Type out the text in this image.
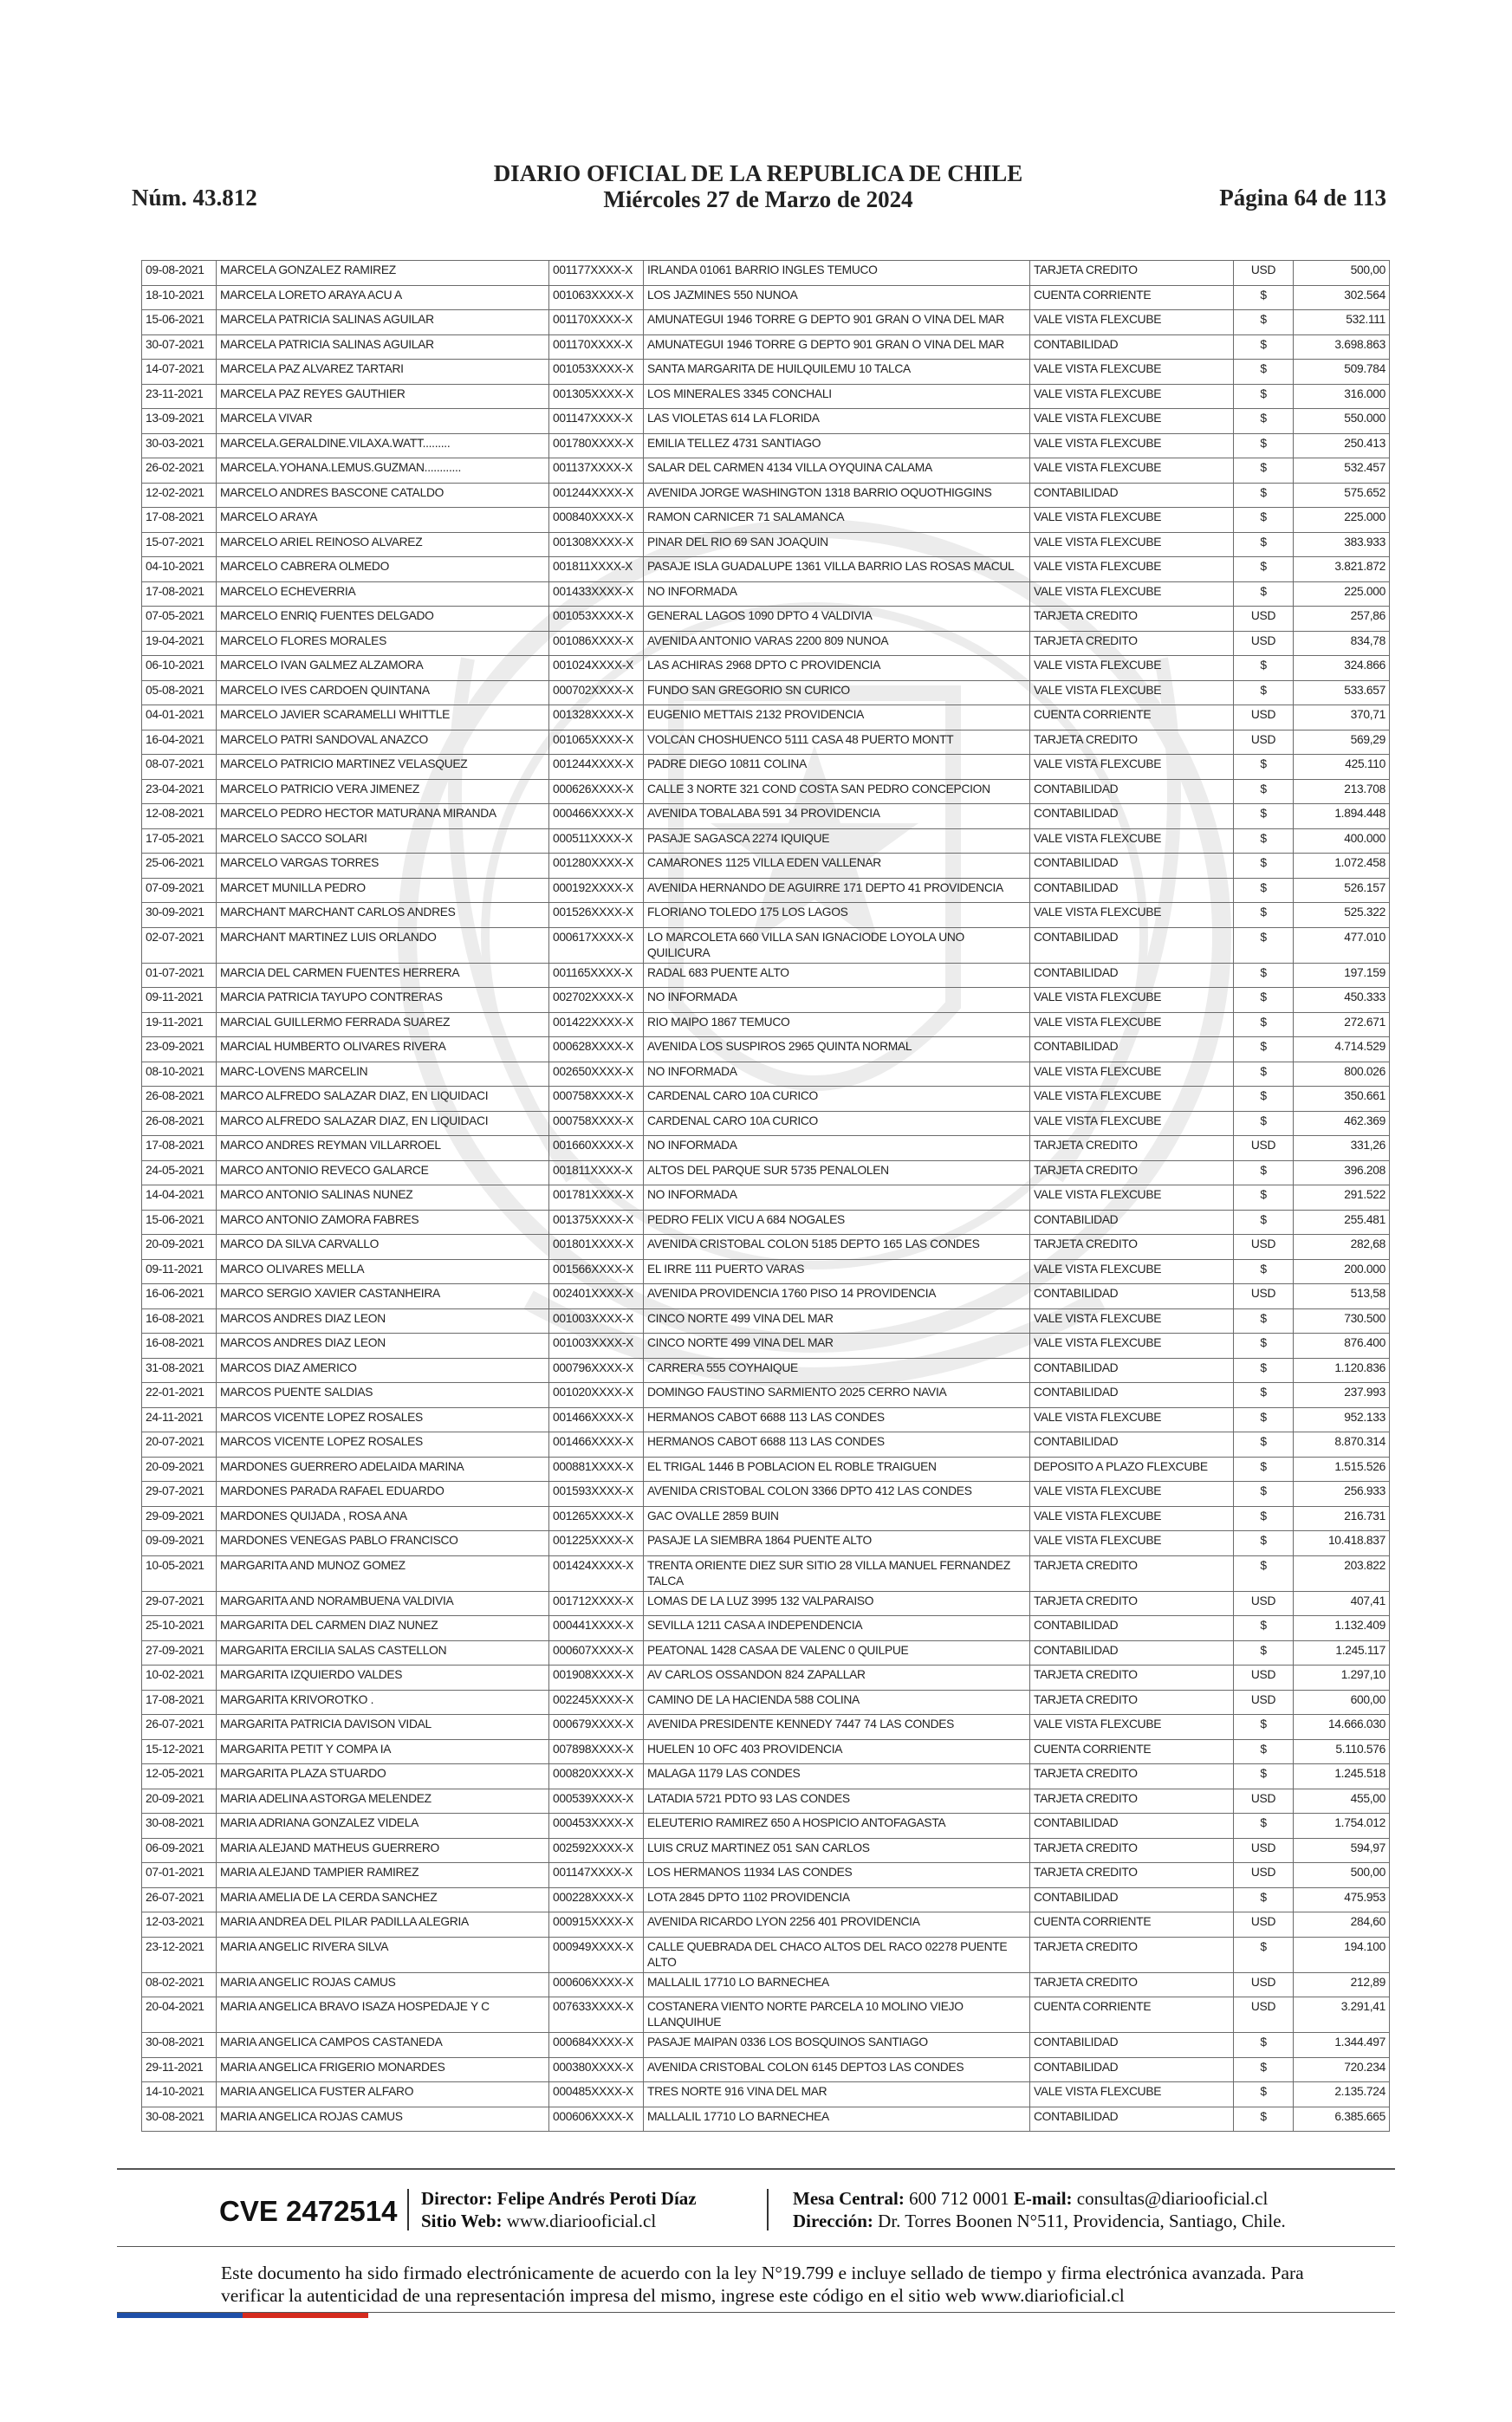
Núm. 43.812
DIARIO OFICIAL DE LA REPUBLICA DE CHILE
Miércoles 27 de Marzo de 2024	Página 64 de 113
09-08-2021	MARCELA GONZALEZ RAMIREZ	001177XXXX-X	IRLANDA 01061 BARRIO INGLES TEMUCO	TARJETA CREDITO	USD	500,00
18-10-2021	MARCELA LORETO ARAYA ACU A	001063XXXX-X	LOS JAZMINES 550 NUNOA	CUENTA CORRIENTE	$	302.564
15-06-2021	MARCELA PATRICIA SALINAS AGUILAR	001170XXXX-X	AMUNATEGUI 1946 TORRE G DEPTO 901 GRAN O VINA DEL MAR	VALE VISTA FLEXCUBE	$	532.111
30-07-2021	MARCELA PATRICIA SALINAS AGUILAR	001170XXXX-X	AMUNATEGUI 1946 TORRE G DEPTO 901 GRAN O VINA DEL MAR	CONTABILIDAD	$	3.698.863
14-07-2021	MARCELA PAZ ALVAREZ TARTARI	001053XXXX-X	SANTA MARGARITA DE HUILQUILEMU 10 TALCA	VALE VISTA FLEXCUBE	$	509.784
23-11-2021	MARCELA PAZ REYES GAUTHIER	001305XXXX-X	LOS MINERALES 3345 CONCHALI	VALE VISTA FLEXCUBE	$	316.000
13-09-2021	MARCELA VIVAR	001147XXXX-X	LAS VIOLETAS 614 LA FLORIDA	VALE VISTA FLEXCUBE	$	550.000
30-03-2021	MARCELA.GERALDINE.VILAXA.WATT.........	001780XXXX-X	EMILIA TELLEZ 4731 SANTIAGO	VALE VISTA FLEXCUBE	$	250.413
26-02-2021	MARCELA.YOHANA.LEMUS.GUZMAN............	001137XXXX-X	SALAR DEL CARMEN 4134 VILLA OYQUINA CALAMA	VALE VISTA FLEXCUBE	$	532.457
12-02-2021	MARCELO ANDRES BASCONE CATALDO	001244XXXX-X	AVENIDA JORGE WASHINGTON 1318 BARRIO OQUOTHIGGINS	CONTABILIDAD	$	575.652
17-08-2021	MARCELO ARAYA	000840XXXX-X	RAMON CARNICER 71 SALAMANCA	VALE VISTA FLEXCUBE	$	225.000
15-07-2021	MARCELO ARIEL REINOSO ALVAREZ	001308XXXX-X	PINAR DEL RIO 69 SAN JOAQUIN	VALE VISTA FLEXCUBE	$	383.933
04-10-2021	MARCELO CABRERA OLMEDO	001811XXXX-X	PASAJE ISLA GUADALUPE 1361 VILLA BARRIO LAS ROSAS MACUL	VALE VISTA FLEXCUBE	$	3.821.872
17-08-2021	MARCELO ECHEVERRIA	001433XXXX-X	NO INFORMADA	VALE VISTA FLEXCUBE	$	225.000
07-05-2021	MARCELO ENRIQ FUENTES DELGADO	001053XXXX-X	GENERAL LAGOS 1090 DPTO 4 VALDIVIA	TARJETA CREDITO	USD	257,86
19-04-2021	MARCELO FLORES MORALES	001086XXXX-X	AVENIDA ANTONIO VARAS 2200 809 NUNOA	TARJETA CREDITO	USD	834,78
06-10-2021	MARCELO IVAN GALMEZ ALZAMORA	001024XXXX-X	LAS ACHIRAS 2968 DPTO C PROVIDENCIA	VALE VISTA FLEXCUBE	$	324.866
05-08-2021	MARCELO IVES CARDOEN QUINTANA	000702XXXX-X	FUNDO SAN GREGORIO SN CURICO	VALE VISTA FLEXCUBE	$	533.657
04-01-2021	MARCELO JAVIER SCARAMELLI WHITTLE	001328XXXX-X	EUGENIO METTAIS 2132 PROVIDENCIA	CUENTA CORRIENTE	USD	370,71
16-04-2021	MARCELO PATRI SANDOVAL ANAZCO	001065XXXX-X	VOLCAN CHOSHUENCO 5111 CASA 48 PUERTO MONTT	TARJETA CREDITO	USD	569,29
08-07-2021	MARCELO PATRICIO MARTINEZ VELASQUEZ	001244XXXX-X	PADRE DIEGO 10811 COLINA	VALE VISTA FLEXCUBE	$	425.110
23-04-2021	MARCELO PATRICIO VERA JIMENEZ	000626XXXX-X	CALLE 3 NORTE 321 COND COSTA SAN PEDRO CONCEPCION	CONTABILIDAD	$	213.708
12-08-2021	MARCELO PEDRO HECTOR MATURANA MIRANDA	000466XXXX-X	AVENIDA TOBALABA 591 34 PROVIDENCIA	CONTABILIDAD	$	1.894.448
17-05-2021	MARCELO SACCO SOLARI	000511XXXX-X	PASAJE SAGASCA 2274 IQUIQUE	VALE VISTA FLEXCUBE	$	400.000
25-06-2021	MARCELO VARGAS TORRES	001280XXXX-X	CAMARONES 1125 VILLA EDEN VALLENAR	CONTABILIDAD	$	1.072.458
07-09-2021	MARCET MUNILLA PEDRO	000192XXXX-X	AVENIDA HERNANDO DE AGUIRRE 171 DEPTO 41 PROVIDENCIA	CONTABILIDAD	$	526.157
30-09-2021	MARCHANT MARCHANT CARLOS ANDRES	001526XXXX-X	FLORIANO TOLEDO 175 LOS LAGOS	VALE VISTA FLEXCUBE	$	525.322
02-07-2021	MARCHANT MARTINEZ LUIS ORLANDO	000617XXXX-X	LO MARCOLETA 660 VILLA SAN IGNACIODE LOYOLA UNO QUILICURA	CONTABILIDAD	$	477.010
01-07-2021	MARCIA DEL CARMEN FUENTES HERRERA	001165XXXX-X	RADAL 683 PUENTE ALTO	CONTABILIDAD	$	197.159
09-11-2021	MARCIA PATRICIA TAYUPO CONTRERAS	002702XXXX-X	NO INFORMADA	VALE VISTA FLEXCUBE	$	450.333
19-11-2021	MARCIAL GUILLERMO FERRADA SUAREZ	001422XXXX-X	RIO MAIPO 1867 TEMUCO	VALE VISTA FLEXCUBE	$	272.671
23-09-2021	MARCIAL HUMBERTO OLIVARES RIVERA	000628XXXX-X	AVENIDA LOS SUSPIROS 2965 QUINTA NORMAL	CONTABILIDAD	$	4.714.529
08-10-2021	MARC-LOVENS MARCELIN	002650XXXX-X	NO INFORMADA	VALE VISTA FLEXCUBE	$	800.026
26-08-2021	MARCO ALFREDO SALAZAR DIAZ, EN LIQUIDACI	000758XXXX-X	CARDENAL CARO 10A CURICO	VALE VISTA FLEXCUBE	$	350.661
26-08-2021	MARCO ALFREDO SALAZAR DIAZ, EN LIQUIDACI	000758XXXX-X	CARDENAL CARO 10A CURICO	VALE VISTA FLEXCUBE	$	462.369
17-08-2021	MARCO ANDRES REYMAN VILLARROEL	001660XXXX-X	NO INFORMADA	TARJETA CREDITO	USD	331,26
24-05-2021	MARCO ANTONIO REVECO GALARCE	001811XXXX-X	ALTOS DEL PARQUE SUR 5735 PENALOLEN	TARJETA CREDITO	$	396.208
14-04-2021	MARCO ANTONIO SALINAS NUNEZ	001781XXXX-X	NO INFORMADA	VALE VISTA FLEXCUBE	$	291.522
15-06-2021	MARCO ANTONIO ZAMORA FABRES	001375XXXX-X	PEDRO FELIX VICU A 684 NOGALES	CONTABILIDAD	$	255.481
20-09-2021	MARCO DA SILVA CARVALLO	001801XXXX-X	AVENIDA CRISTOBAL COLON 5185 DEPTO 165 LAS CONDES	TARJETA CREDITO	USD	282,68
09-11-2021	MARCO OLIVARES MELLA	001566XXXX-X	EL IRRE 111 PUERTO VARAS	VALE VISTA FLEXCUBE	$	200.000
16-06-2021	MARCO SERGIO XAVIER CASTANHEIRA	002401XXXX-X	AVENIDA PROVIDENCIA 1760 PISO 14 PROVIDENCIA	CONTABILIDAD	USD	513,58
16-08-2021	MARCOS ANDRES DIAZ LEON	001003XXXX-X	CINCO NORTE 499 VINA DEL MAR	VALE VISTA FLEXCUBE	$	730.500
16-08-2021	MARCOS ANDRES DIAZ LEON	001003XXXX-X	CINCO NORTE 499 VINA DEL MAR	VALE VISTA FLEXCUBE	$	876.400
31-08-2021	MARCOS DIAZ AMERICO	000796XXXX-X	CARRERA 555 COYHAIQUE	CONTABILIDAD	$	1.120.836
22-01-2021	MARCOS PUENTE SALDIAS	001020XXXX-X	DOMINGO FAUSTINO SARMIENTO 2025 CERRO NAVIA	CONTABILIDAD	$	237.993
24-11-2021	MARCOS VICENTE LOPEZ ROSALES	001466XXXX-X	HERMANOS CABOT 6688 113 LAS CONDES	VALE VISTA FLEXCUBE	$	952.133
20-07-2021	MARCOS VICENTE LOPEZ ROSALES	001466XXXX-X	HERMANOS CABOT 6688 113 LAS CONDES	CONTABILIDAD	$	8.870.314
20-09-2021	MARDONES GUERRERO ADELAIDA MARINA	000881XXXX-X	EL TRIGAL 1446 B POBLACION EL ROBLE TRAIGUEN	DEPOSITO A PLAZO FLEXCUBE	$	1.515.526
29-07-2021	MARDONES PARADA RAFAEL EDUARDO	001593XXXX-X	AVENIDA CRISTOBAL COLON 3366 DPTO 412 LAS CONDES	VALE VISTA FLEXCUBE	$	256.933
29-09-2021	MARDONES QUIJADA , ROSA ANA	001265XXXX-X	GAC OVALLE 2859 BUIN	VALE VISTA FLEXCUBE	$	216.731
09-09-2021	MARDONES VENEGAS PABLO FRANCISCO	001225XXXX-X	PASAJE LA SIEMBRA 1864 PUENTE ALTO	VALE VISTA FLEXCUBE	$	10.418.837
10-05-2021	MARGARITA AND MUNOZ GOMEZ	001424XXXX-X	TRENTA ORIENTE DIEZ SUR SITIO 28 VILLA MANUEL FERNANDEZ TALCA	TARJETA CREDITO	$	203.822
29-07-2021	MARGARITA AND NORAMBUENA VALDIVIA	001712XXXX-X	LOMAS DE LA LUZ 3995 132 VALPARAISO	TARJETA CREDITO	USD	407,41
25-10-2021	MARGARITA DEL CARMEN DIAZ NUNEZ	000441XXXX-X	SEVILLA 1211 CASA A INDEPENDENCIA	CONTABILIDAD	$	1.132.409
27-09-2021	MARGARITA ERCILIA SALAS CASTELLON	000607XXXX-X	PEATONAL 1428 CASAA DE VALENC 0 QUILPUE	CONTABILIDAD	$	1.245.117
10-02-2021	MARGARITA IZQUIERDO VALDES	001908XXXX-X	AV CARLOS OSSANDON 824 ZAPALLAR	TARJETA CREDITO	USD	1.297,10
17-08-2021	MARGARITA KRIVOROTKO .	002245XXXX-X	CAMINO DE LA HACIENDA 588 COLINA	TARJETA CREDITO	USD	600,00
26-07-2021	MARGARITA PATRICIA DAVISON VIDAL	000679XXXX-X	AVENIDA PRESIDENTE KENNEDY 7447 74 LAS CONDES	VALE VISTA FLEXCUBE	$	14.666.030
15-12-2021	MARGARITA PETIT Y COMPA IA	007898XXXX-X	HUELEN 10 OFC 403 PROVIDENCIA	CUENTA CORRIENTE	$	5.110.576
12-05-2021	MARGARITA PLAZA STUARDO	000820XXXX-X	MALAGA 1179 LAS CONDES	TARJETA CREDITO	$	1.245.518
20-09-2021	MARIA ADELINA ASTORGA MELENDEZ	000539XXXX-X	LATADIA 5721 PDTO 93 LAS CONDES	TARJETA CREDITO	USD	455,00
30-08-2021	MARIA ADRIANA GONZALEZ VIDELA	000453XXXX-X	ELEUTERIO RAMIREZ 650 A HOSPICIO ANTOFAGASTA	CONTABILIDAD	$	1.754.012
06-09-2021	MARIA ALEJAND MATHEUS GUERRERO	002592XXXX-X	LUIS CRUZ MARTINEZ 051 SAN CARLOS	TARJETA CREDITO	USD	594,97
07-01-2021	MARIA ALEJAND TAMPIER RAMIREZ	001147XXXX-X	LOS HERMANOS 11934 LAS CONDES	TARJETA CREDITO	USD	500,00
26-07-2021	MARIA AMELIA DE LA CERDA SANCHEZ	000228XXXX-X	LOTA 2845 DPTO 1102 PROVIDENCIA	CONTABILIDAD	$	475.953
12-03-2021	MARIA ANDREA DEL PILAR PADILLA ALEGRIA	000915XXXX-X	AVENIDA RICARDO LYON 2256 401 PROVIDENCIA	CUENTA CORRIENTE	USD	284,60
23-12-2021	MARIA ANGELIC RIVERA SILVA	000949XXXX-X	CALLE QUEBRADA DEL CHACO ALTOS DEL RACO 02278 PUENTE ALTO	TARJETA CREDITO	$	194.100
08-02-2021	MARIA ANGELIC ROJAS CAMUS	000606XXXX-X	MALLALIL 17710 LO BARNECHEA	TARJETA CREDITO	USD	212,89
20-04-2021	MARIA ANGELICA BRAVO ISAZA HOSPEDAJE Y C	007633XXXX-X	COSTANERA VIENTO NORTE PARCELA 10 MOLINO VIEJO LLANQUIHUE	CUENTA CORRIENTE	USD	3.291,41
30-08-2021	MARIA ANGELICA CAMPOS CASTANEDA	000684XXXX-X	PASAJE MAIPAN 0336 LOS BOSQUINOS SANTIAGO	CONTABILIDAD	$	1.344.497
29-11-2021	MARIA ANGELICA FRIGERIO MONARDES	000380XXXX-X	AVENIDA CRISTOBAL COLON 6145 DEPTO3 LAS CONDES	CONTABILIDAD	$	720.234
14-10-2021	MARIA ANGELICA FUSTER ALFARO	000485XXXX-X	TRES NORTE 916 VINA DEL MAR	VALE VISTA FLEXCUBE	$	2.135.724
30-08-2021	MARIA ANGELICA ROJAS CAMUS	000606XXXX-X	MALLALIL 17710 LO BARNECHEA	CONTABILIDAD	$	6.385.665
CVE 2472514 Director: Felipe Andrés Peroti Díaz
Sitio Web: www.diariooficial.cl
Mesa Central: 600 712 0001 E-mail: consultas@diariooficial.cl
Dirección: Dr. Torres Boonen N°511, Providencia, Santiago, Chile.
Este documento ha sido firmado electrónicamente de acuerdo con la ley N°19.799 e incluye sellado de tiempo y firma electrónica avanzada. Para verificar la autenticidad de una representación impresa del mismo, ingrese este código en el sitio web www.diarioficial.cl
